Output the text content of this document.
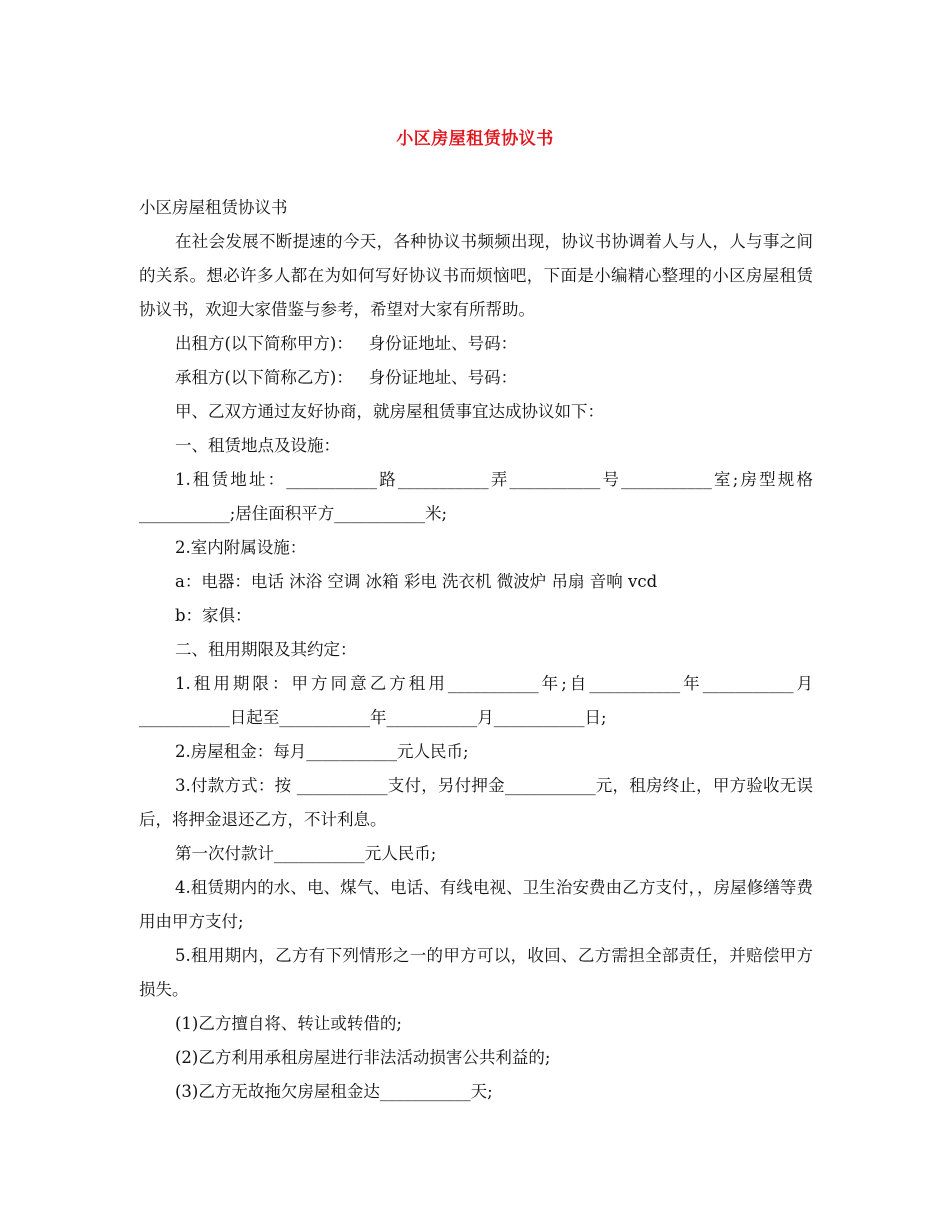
小区房屋租赁协议书

小区房屋租赁协议书

在社会发展不断提速的今天，各种协议书频频出现，协议书协调着人与人，人与事之间的关系。想必许多人都在为如何写好协议书而烦恼吧，下面是小编精心整理的小区房屋租赁协议书，欢迎大家借鉴与参考，希望对大家有所帮助。

出租方(以下简称甲方)：   身份证地址、号码：

承租方(以下简称乙方)：   身份证地址、号码：

甲、乙双方通过友好协商，就房屋租赁事宜达成协议如下：

一、租赁地点及设施：

1.租赁地址：___________路___________弄___________号___________室;房型规格___________;居住面积平方___________米;

2.室内附属设施：

a：电器：电话 沐浴 空调 冰箱 彩电 洗衣机 微波炉 吊扇 音响 vcd

b：家俱：

二、租用期限及其约定：

1.租用期限：甲方同意乙方租用___________年;自___________年___________月___________日起至___________年___________月___________日;

2.房屋租金：每月___________元人民币;

3.付款方式：按 ___________支付，另付押金___________元，租房终止，甲方验收无误后，将押金退还乙方，不计利息。

第一次付款计___________元人民币;

4.租赁期内的水、电、煤气、电话、有线电视、卫生治安费由乙方支付，，房屋修缮等费用由甲方支付;

5.租用期内，乙方有下列情形之一的甲方可以，收回、乙方需担全部责任，并赔偿甲方损失。

(1)乙方擅自将、转让或转借的;

(2)乙方利用承租房屋进行非法活动损害公共利益的;

(3)乙方无故拖欠房屋租金达___________天;
